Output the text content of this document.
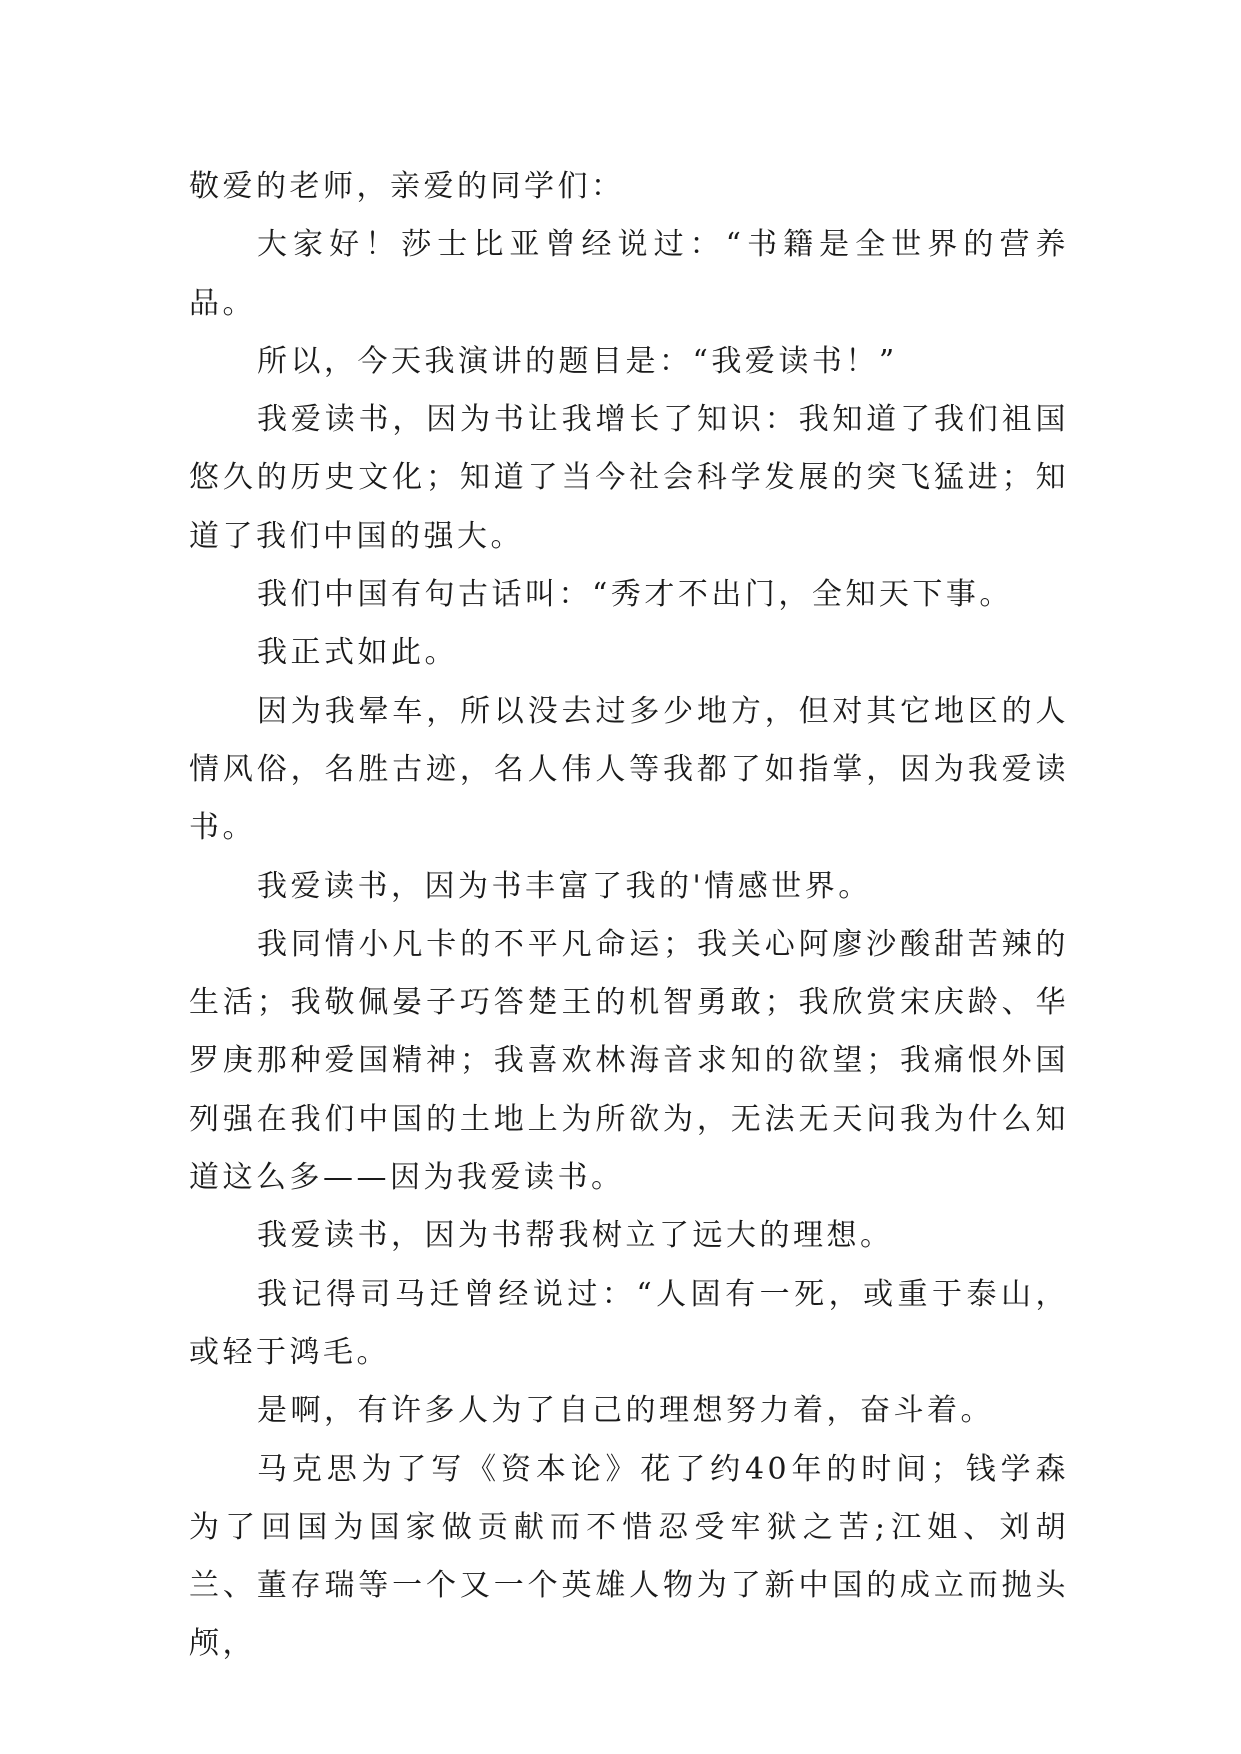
敬爱的老师，亲爱的同学们：

大家好！莎士比亚曾经说过：“书籍是全世界的营养品。

所以，今天我演讲的题目是：“我爱读书！”

我爱读书，因为书让我增长了知识：我知道了我们祖国悠久的历史文化；知道了当今社会科学发展的突飞猛进；知道了我们中国的强大。

我们中国有句古话叫：“秀才不出门，全知天下事。

我正式如此。

因为我晕车，所以没去过多少地方，但对其它地区的人情风俗，名胜古迹，名人伟人等我都了如指掌，因为我爱读书。

我爱读书，因为书丰富了我的'情感世界。

我同情小凡卡的不平凡命运；我关心阿廖沙酸甜苦辣的生活；我敬佩晏子巧答楚王的机智勇敢；我欣赏宋庆龄、华罗庚那种爱国精神；我喜欢林海音求知的欲望；我痛恨外国列强在我们中国的土地上为所欲为，无法无天问我为什么知道这么多——因为我爱读书。

我爱读书，因为书帮我树立了远大的理想。

我记得司马迁曾经说过：“人固有一死，或重于泰山，或轻于鸿毛。

是啊，有许多人为了自己的理想努力着，奋斗着。

马克思为了写《资本论》花了约40年的时间；钱学森为了回国为国家做贡献而不惜忍受牢狱之苦;江姐、刘胡兰、董存瑞等一个又一个英雄人物为了新中国的成立而抛头颅，
